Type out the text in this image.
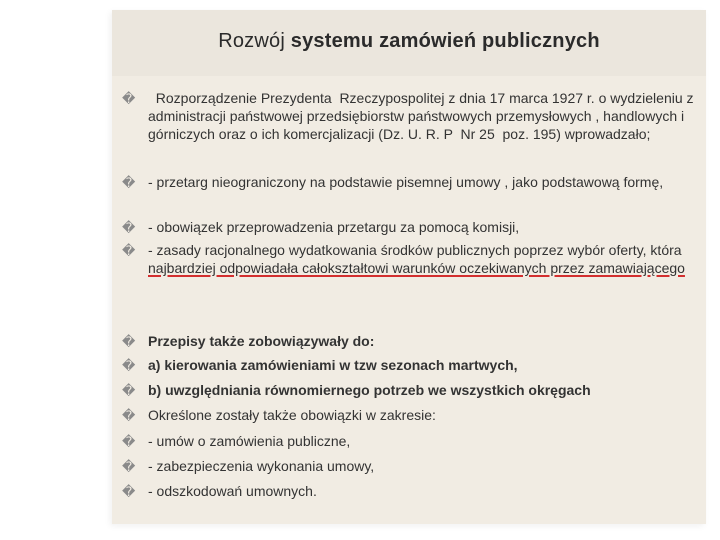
Rozwój systemu zamówień publicznych
� Rozporządzenie Prezydenta  Rzeczypospolitej z dnia 17 marca 1927 r. o wydzieleniu z administracji państwowej przedsiębiorstw państwowych przemysłowych , handlowych i górniczych oraz o ich komercjalizacji (Dz. U. R. P  Nr 25  poz. 195) wprowadzało;
� - przetarg nieograniczony na podstawie pisemnej umowy , jako podstawową formę,
� - obowiązek przeprowadzenia przetargu za pomocą komisji,
� - zasady racjonalnego wydatkowania środków publicznych poprzez wybór oferty, która najbardziej odpowiadała całokształtowi warunków oczekiwanych przez zamawiającego
� Przepisy także zobowiązywały do:
� a) kierowania zamówieniami w tzw sezonach martwych,
� b) uwzględniania równomiernego potrzeb we wszystkich okręgach
� Określone zostały także obowiązki w zakresie:
� - umów o zamówienia publiczne,
� - zabezpieczenia wykonania umowy,
� - odszkodowań umownych.
